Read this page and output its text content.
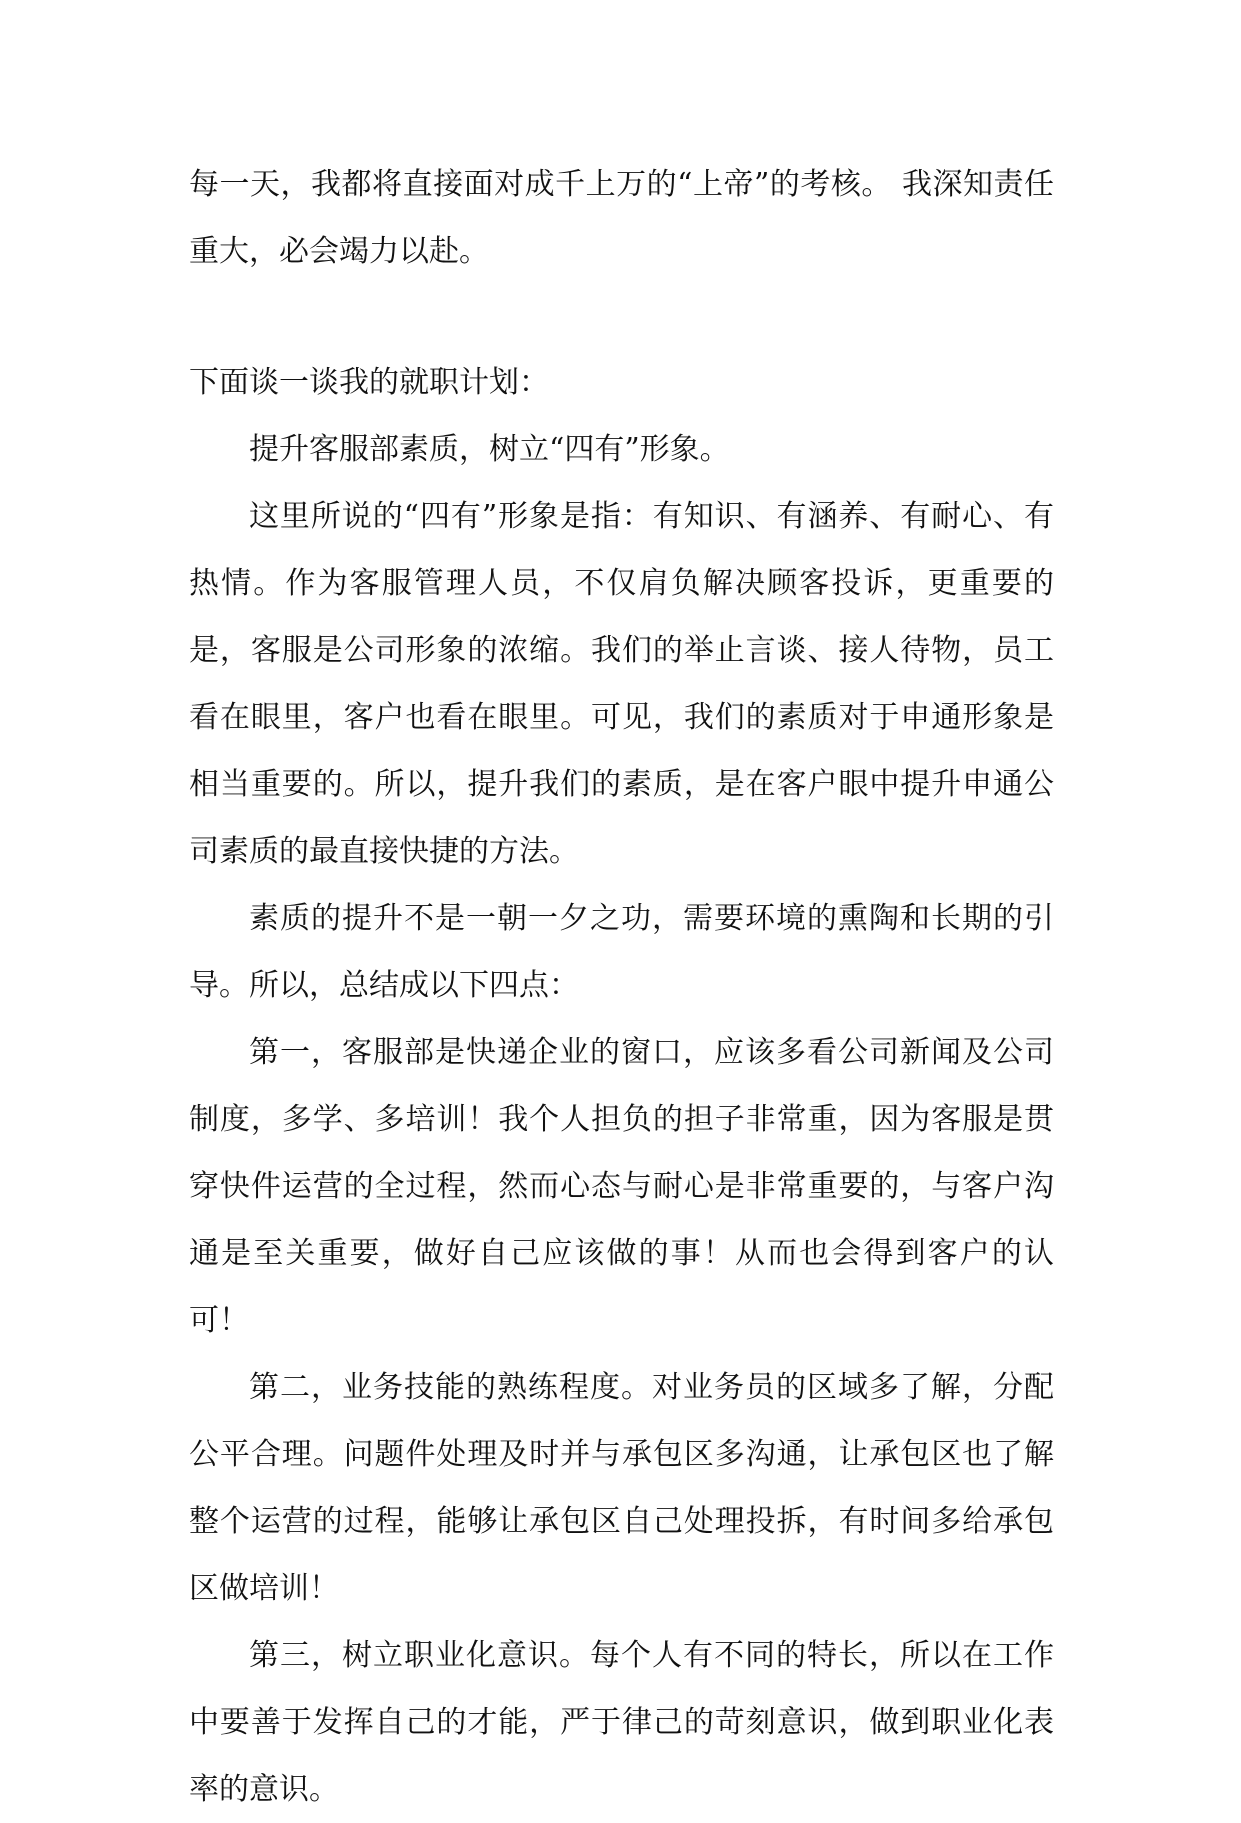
每一天，我都将直接面对成千上万的“上帝”的考核。 我深知责任重大，必会竭力以赴。

下面谈一谈我的就职计划：

提升客服部素质，树立“四有”形象。

这里所说的“四有”形象是指：有知识、有涵养、有耐心、有热情。作为客服管理人员，不仅肩负解决顾客投诉，更重要的是，客服是公司形象的浓缩。我们的举止言谈、接人待物，员工看在眼里，客户也看在眼里。可见，我们的素质对于申通形象是相当重要的。所以，提升我们的素质，是在客户眼中提升申通公司素质的最直接快捷的方法。

素质的提升不是一朝一夕之功，需要环境的熏陶和长期的引导。所以，总结成以下四点：

第一，客服部是快递企业的窗口，应该多看公司新闻及公司制度，多学、多培训！我个人担负的担子非常重，因为客服是贯穿快件运营的全过程，然而心态与耐心是非常重要的，与客户沟通是至关重要，做好自己应该做的事！从而也会得到客户的认可！

第二，业务技能的熟练程度。对业务员的区域多了解，分配公平合理。问题件处理及时并与承包区多沟通，让承包区也了解整个运营的过程，能够让承包区自己处理投拆，有时间多给承包区做培训！

第三，树立职业化意识。每个人有不同的特长，所以在工作中要善于发挥自己的才能，严于律己的苛刻意识，做到职业化表率的意识。
